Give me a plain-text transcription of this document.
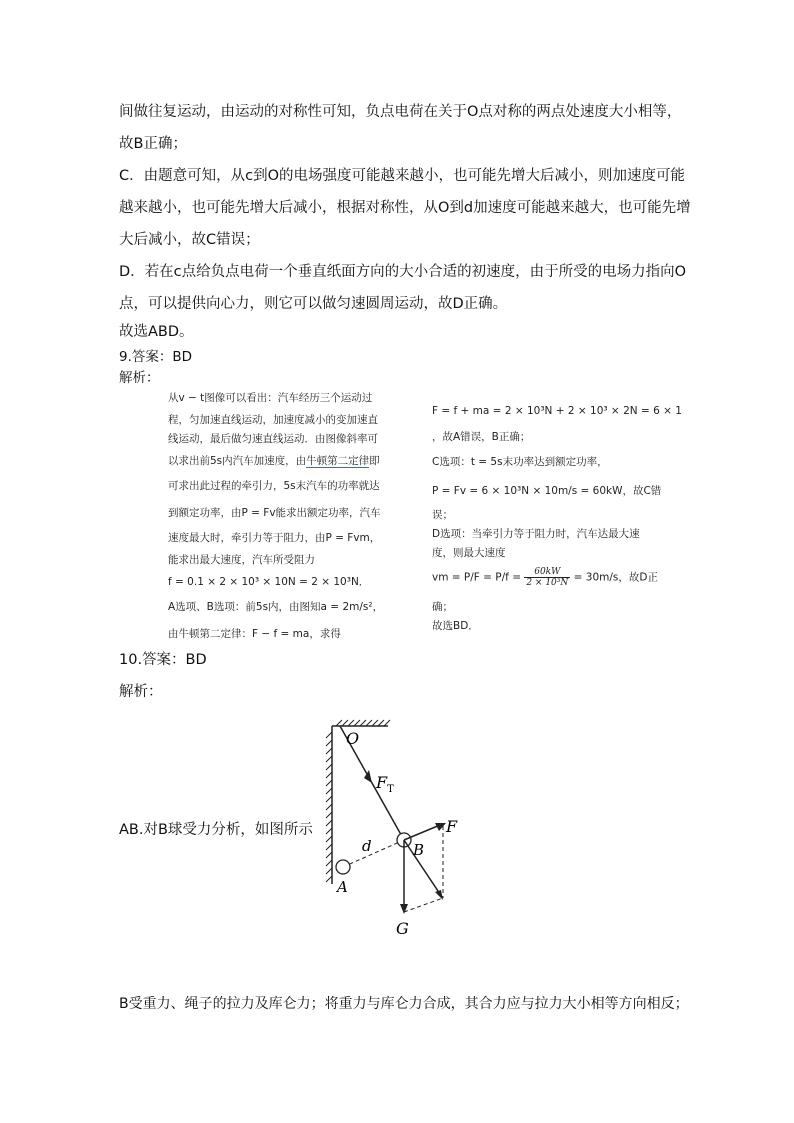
间做往复运动，由运动的对称性可知，负点电荷在关于O点对称的两点处速度大小相等，
故B正确；
C．由题意可知，从c到O的电场强度可能越来越小，也可能先增大后减小，则加速度可能
越来越小，也可能先增大后减小，根据对称性，从O到d加速度可能越来越大，也可能先增
大后减小，故C错误；
D．若在c点给负点电荷一个垂直纸面方向的大小合适的初速度，由于所受的电场力指向O
点，可以提供向心力，则它可以做匀速圆周运动，故D正确。
故选ABD。
9.答案：BD
解析：
从v − t图像可以看出：汽车经历三个运动过
程，匀加速直线运动，加速度减小的变加速直
线运动，最后做匀速直线运动．由图像斜率可
以求出前5s内汽车加速度，由牛顿第二定律即
可求出此过程的牵引力，5s末汽车的功率就达
到额定功率，由P = Fv能求出额定功率，汽车
速度最大时，牵引力等于阻力，由P = Fvm，
能求出最大速度，汽车所受阻力
f = 0.1 × 2 × 10³ × 10N = 2 × 10³N．
A选项、B选项：前5s内，由图知a = 2m/s²，
由牛顿第二定律：F − f = ma，求得
F = f + ma = 2 × 10³N + 2 × 10³ × 2N = 6 × 1
，故A错误，B正确；
C选项：t = 5s末功率达到额定功率，
P = Fv = 6 × 10³N × 10m/s = 60kW，故C错
误；
D选项：当牵引力等于阻力时，汽车达最大速
度，则最大速度
vm = $P/F = P/f = \frac{60kW}{\text{2 × 10³N}} = 30m/s$，故D正
确；
故选BD．
10.答案：BD
解析：
AB.对B球受力分析，如图所示
O
$F_T$
F
d	B
A
G
B受重力、绳子的拉力及库仑力；将重力与库仑力合成，其合力应与拉力大小相等方向相反；
